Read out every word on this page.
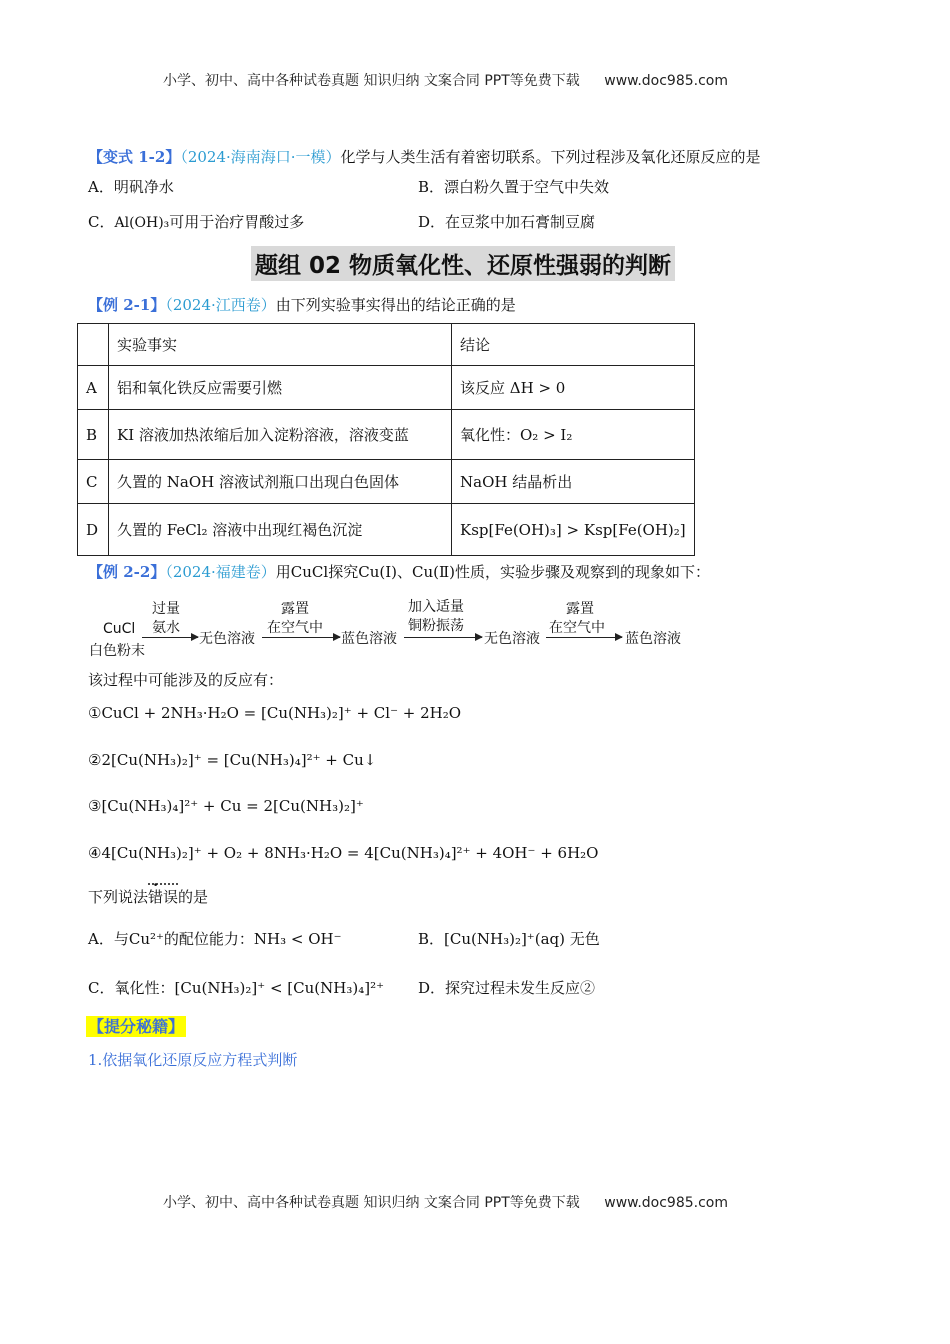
小学、初中、高中各种试卷真题 知识归纳 文案合同 PPT等免费下载 www.doc985.com
【变式 1-2】（2024·海南海口·一模）化学与人类生活有着密切联系。下列过程涉及氧化还原反应的是
A．明矾净水	B．漂白粉久置于空气中失效
C．Al(OH)₃可用于治疗胃酸过多	D．在豆浆中加石膏制豆腐
题组 02 物质氧化性、还原性强弱的判断
【例 2-1】（2024·江西卷）由下列实验事实得出的结论正确的是
	实验事实	结论
A	铝和氧化铁反应需要引燃	该反应 ΔH > 0
B	KI 溶液加热浓缩后加入淀粉溶液，溶液变蓝	氧化性：O₂ > I₂
C	久置的 NaOH 溶液试剂瓶口出现白色固体	NaOH 结晶析出
D	久置的 FeCl₂ 溶液中出现红褐色沉淀	Ksp[Fe(OH)₃] > Ksp[Fe(OH)₂]
【例 2-2】（2024·福建卷）用CuCl探究Cu(Ⅰ)、Cu(Ⅱ)性质，实验步骤及观察到的现象如下：
CuCl
白色粉末
过量
氨水
无色溶液
露置
在空气中
蓝色溶液
加入适量
铜粉振荡
无色溶液
露置
在空气中
蓝色溶液
该过程中可能涉及的反应有：
①CuCl + 2NH₃·H₂O = [Cu(NH₃)₂]⁺ + Cl⁻ + 2H₂O
②2[Cu(NH₃)₂]⁺ = [Cu(NH₃)₄]²⁺ + Cu↓
③[Cu(NH₃)₄]²⁺ + Cu = 2[Cu(NH₃)₂]⁺
④4[Cu(NH₃)₂]⁺ + O₂ + 8NH₃·H₂O = 4[Cu(NH₃)₄]²⁺ + 4OH⁻ + 6H₂O
下列说法错误的是
A．与Cu²⁺的配位能力：NH₃ < OH⁻	B．[Cu(NH₃)₂]⁺(aq) 无色
C．氧化性：[Cu(NH₃)₂]⁺ < [Cu(NH₃)₄]²⁺ D．探究过程未发生反应②
【提分秘籍】
1.依据氧化还原反应方程式判断
小学、初中、高中各种试卷真题 知识归纳 文案合同 PPT等免费下载 www.doc985.com
